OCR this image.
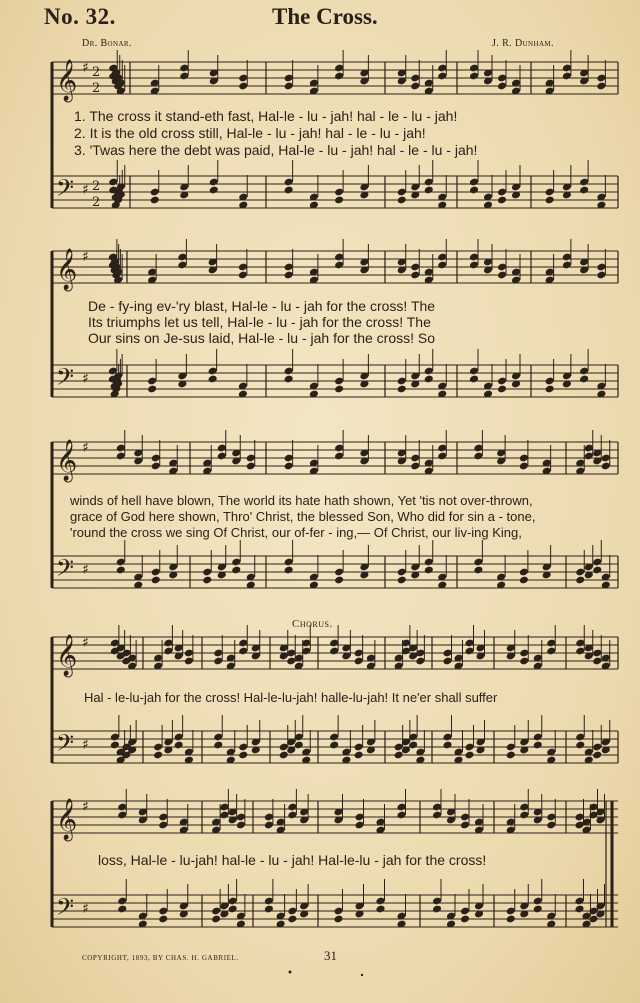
𝄞
𝄢
♯
♯
2
2
2
2
𝄞
𝄢
♯
♯
𝄞
𝄢
♯
♯
𝄞
𝄢
♯
♯
𝄞
𝄢
♯
♯
No. 32.	The Cross.
Dr. Bonar.	J. R. Dunham.
1. The cross it stand-eth fast, Hal-le - lu - jah! hal - le - lu - jah!
2. It is the old cross still, Hal-le - lu - jah! hal - le - lu - jah!
3. 'Twas here the debt was paid, Hal-le - lu - jah! hal - le - lu - jah!
De - fy-ing ev-'ry blast, Hal-le - lu - jah for the cross! The
Its triumphs let us tell, Hal-le - lu - jah for the cross! The
Our sins on Je-sus laid, Hal-le - lu - jah for the cross! So
winds of hell have blown, The world its hate hath shown, Yet 'tis not over-thrown,
grace of God here shown, Thro' Christ, the blessed Son, Who did for sin a - tone,
'round the cross we sing Of Christ, our of-fer - ing,— Of Christ, our liv-ing King,
Chorus.
Hal - le-lu-jah for the cross! Hal-le-lu-jah! halle-lu-jah! It ne'er shall suffer
loss, Hal-le - lu-jah! hal-le - lu - jah! Hal-le-lu - jah for the cross!
COPYRIGHT, 1893, BY CHAS. H. GABRIEL.	31
